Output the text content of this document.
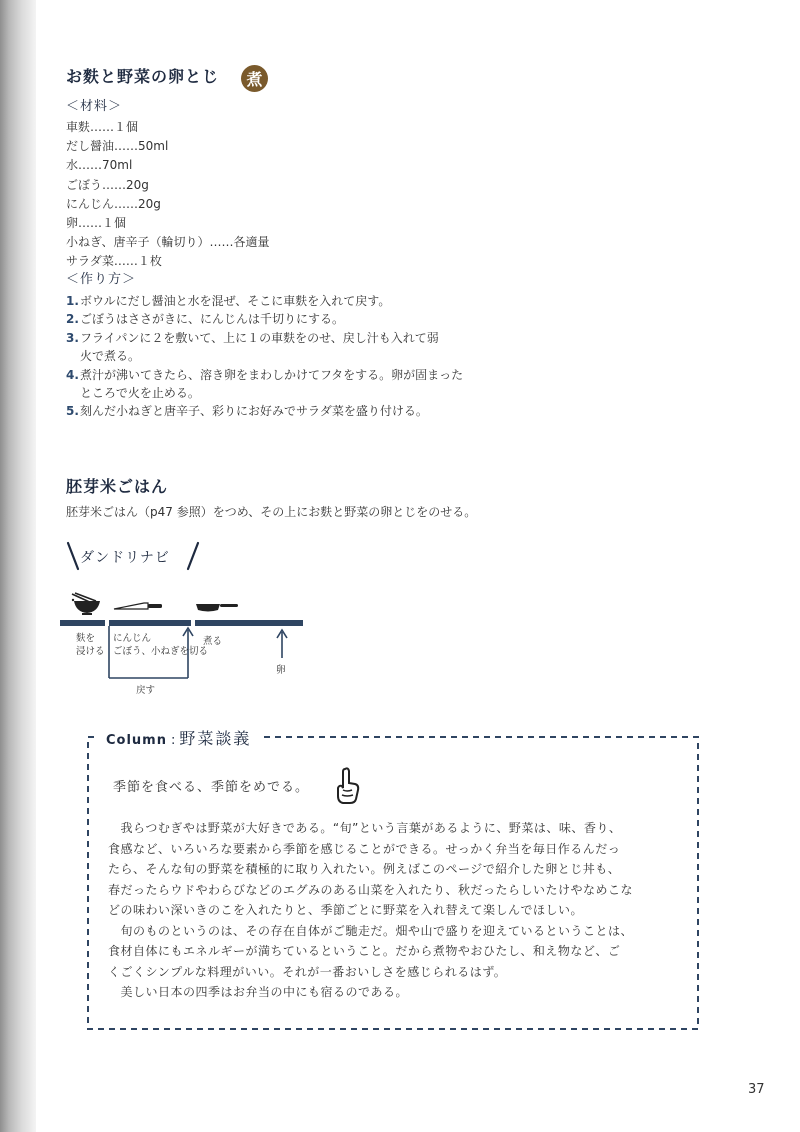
お麩と野菜の卵とじ	煮
＜材料＞
車麩……１個
だし醤油……50ml
水……70ml
ごぼう……20g
にんじん……20g
卵……１個
小ねぎ、唐辛子（輪切り）……各適量
サラダ菜……１枚
＜作り方＞
1. ボウルにだし醤油と水を混ぜ、そこに車麩を入れて戻す。
2. ごぼうはささがきに、にんじんは千切りにする。
3. フライパンに２を敷いて、上に１の車麩をのせ、戻し汁も入れて弱
火で煮る。
4. 煮汁が沸いてきたら、溶き卵をまわしかけてフタをする。卵が固まった
ところで火を止める。
5. 刻んだ小ねぎと唐辛子、彩りにお好みでサラダ菜を盛り付ける。
胚芽米ごはん
胚芽米ごはん（p47 参照）をつめ、その上にお麩と野菜の卵とじをのせる。
ダンドリナビ
麩を
浸ける
にんじん
ごぼう、小ねぎを切る
煮る
戻す
卵
Column : 野菜談義
季節を食べる、季節をめでる。

　我らつむぎやは野菜が大好きである。“旬”という言葉があるように、野菜は、味、香り、

食感など、いろいろな要素から季節を感じることができる。せっかく弁当を毎日作るんだっ

たら、そんな旬の野菜を積極的に取り入れたい。例えばこのページで紹介した卵とじ丼も、

春だったらウドやわらびなどのエグみのある山菜を入れたり、秋だったらしいたけやなめこな

どの味わい深いきのこを入れたりと、季節ごとに野菜を入れ替えて楽しんでほしい。

　旬のものというのは、その存在自体がご馳走だ。畑や山で盛りを迎えているということは、

食材自体にもエネルギーが満ちているということ。だから煮物やおひたし、和え物など、ご

くごくシンプルな料理がいい。それが一番おいしさを感じられるはず。

　美しい日本の四季はお弁当の中にも宿るのである。

37
